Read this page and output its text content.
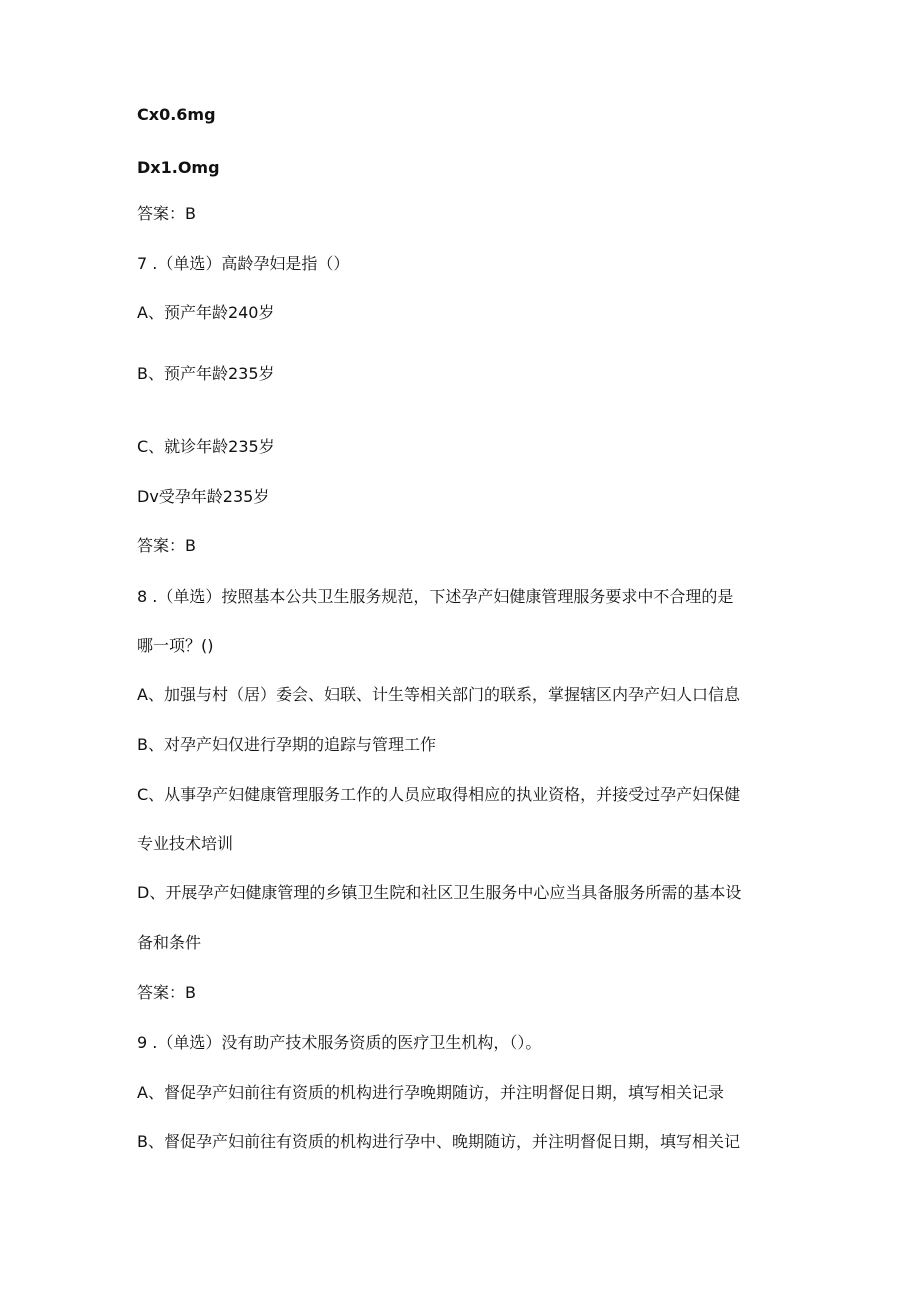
Cx0.6mg
Dx1.Omg
答案：B
7 .（单选）高龄孕妇是指（）
A、预产年龄240岁
B、预产年龄235岁
C、就诊年龄235岁
Dv受孕年龄235岁
答案：B
8 .（单选）按照基本公共卫生服务规范，下述孕产妇健康管理服务要求中不合理的是
哪一项？()
A、加强与村（居）委会、妇联、计生等相关部门的联系，掌握辖区内孕产妇人口信息
B、对孕产妇仅进行孕期的追踪与管理工作
C、从事孕产妇健康管理服务工作的人员应取得相应的执业资格，并接受过孕产妇保健
专业技术培训
D、开展孕产妇健康管理的乡镇卫生院和社区卫生服务中心应当具备服务所需的基本设
备和条件
答案：B
9 .（单选）没有助产技术服务资质的医疗卫生机构，（）。
A、督促孕产妇前往有资质的机构进行孕晚期随访，并注明督促日期，填写相关记录
B、督促孕产妇前往有资质的机构进行孕中、晚期随访，并注明督促日期，填写相关记
